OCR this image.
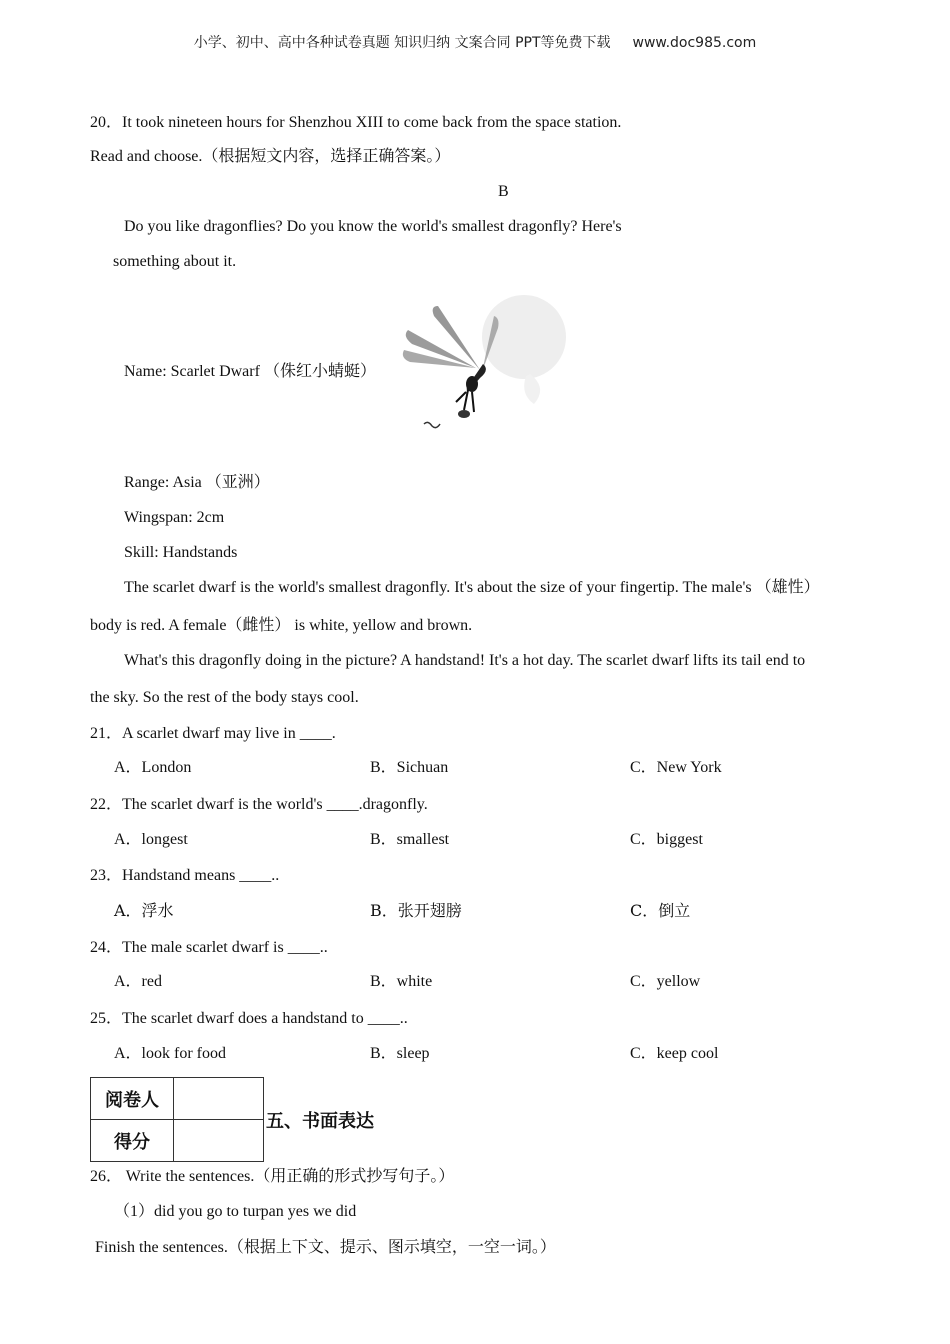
小学、初中、高中各种试卷真题 知识归纳 文案合同 PPT等免费下载 www.doc985.com
20．It took nineteen hours for Shenzhou XIII to come back from the space station.
Read and choose.（根据短文内容，选择正确答案。）
B
Do you like dragonflies? Do you know the world's smallest dragonfly? Here's
something about it.
Name: Scarlet Dwarf （侏红小蜻蜓）
Range: Asia （亚洲）
Wingspan: 2cm
Skill: Handstands
The scarlet dwarf is the world's smallest dragonfly. It's about the size of your fingertip. The male's （雄性）
body is red. A female（雌性） is white, yellow and brown.
What's this dragonfly doing in the picture? A handstand! It's a hot day. The scarlet dwarf lifts its tail end to
the sky. So the rest of the body stays cool.
21．A scarlet dwarf may live in ____.
A．London	B．Sichuan	C．New York
22．The scarlet dwarf is the world's ____.dragonfly.
A．longest	B．smallest	C．biggest
23．Handstand means ____..
A．浮水	B．张开翅膀	C．倒立
24．The male scarlet dwarf is ____..
A．red	B．white	C．yellow
25．The scarlet dwarf does a handstand to ____..
A．look for food	B．sleep	C．keep cool
阅卷人	
得分	
五、书面表达
26． Write the sentences.（用正确的形式抄写句子。）
（1）did you go to turpan yes we did
Finish the sentences.（根据上下文、提示、图示填空，一空一词。）
